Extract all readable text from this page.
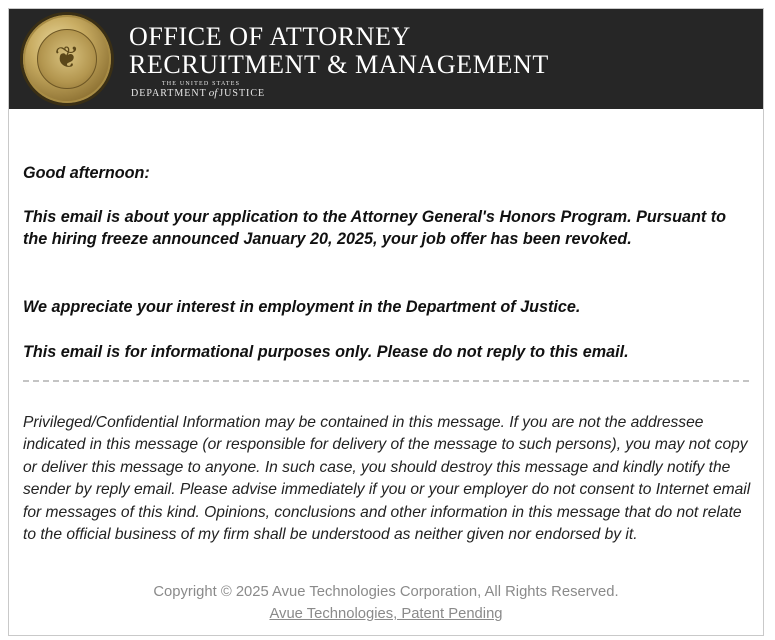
❦
OFFICE OF ATTORNEY
RECRUITMENT & MANAGEMENT
THE UNITED STATES
DEPARTMENT of JUSTICE

Good afternoon:

This email is about your application to the Attorney General's Honors Program. Pursuant to the hiring freeze announced January 20, 2025, your job offer has been revoked.

We appreciate your interest in employment in the Department of Justice.

This email is for informational purposes only. Please do not reply to this email.

Privileged/Confidential Information may be contained in this message. If you are not the addressee indicated in this message (or responsible for delivery of the message to such persons), you may not copy or deliver this message to anyone. In such case, you should destroy this message and kindly notify the sender by reply email. Please advise immediately if you or your employer do not consent to Internet email for messages of this kind. Opinions, conclusions and other information in this message that do not relate to the official business of my firm shall be understood as neither given nor endorsed by it.

Copyright © 2025 Avue Technologies Corporation, All Rights Reserved.

Avue Technologies, Patent Pending
